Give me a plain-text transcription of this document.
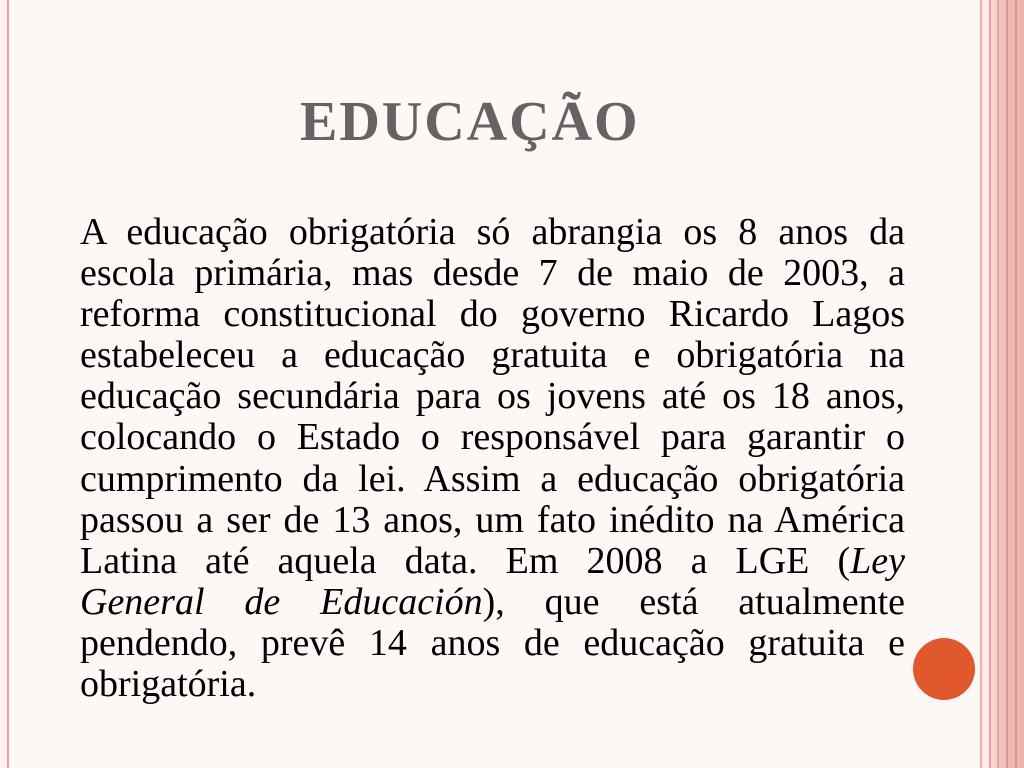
EDUCAÇÃO
A educação obrigatória só abrangia os 8 anos da
escola primária, mas desde 7 de maio de 2003, a
reforma constitucional do governo Ricardo Lagos
estabeleceu a educação gratuita e obrigatória na
educação secundária para os jovens até os 18 anos,
colocando o Estado o responsável para garantir o
cumprimento da lei. Assim a educação obrigatória
passou a ser de 13 anos, um fato inédito na América
Latina até aquela data. Em 2008 a LGE (Ley
General de Educación), que está atualmente
pendendo, prevê 14 anos de educação gratuita e
obrigatória.
